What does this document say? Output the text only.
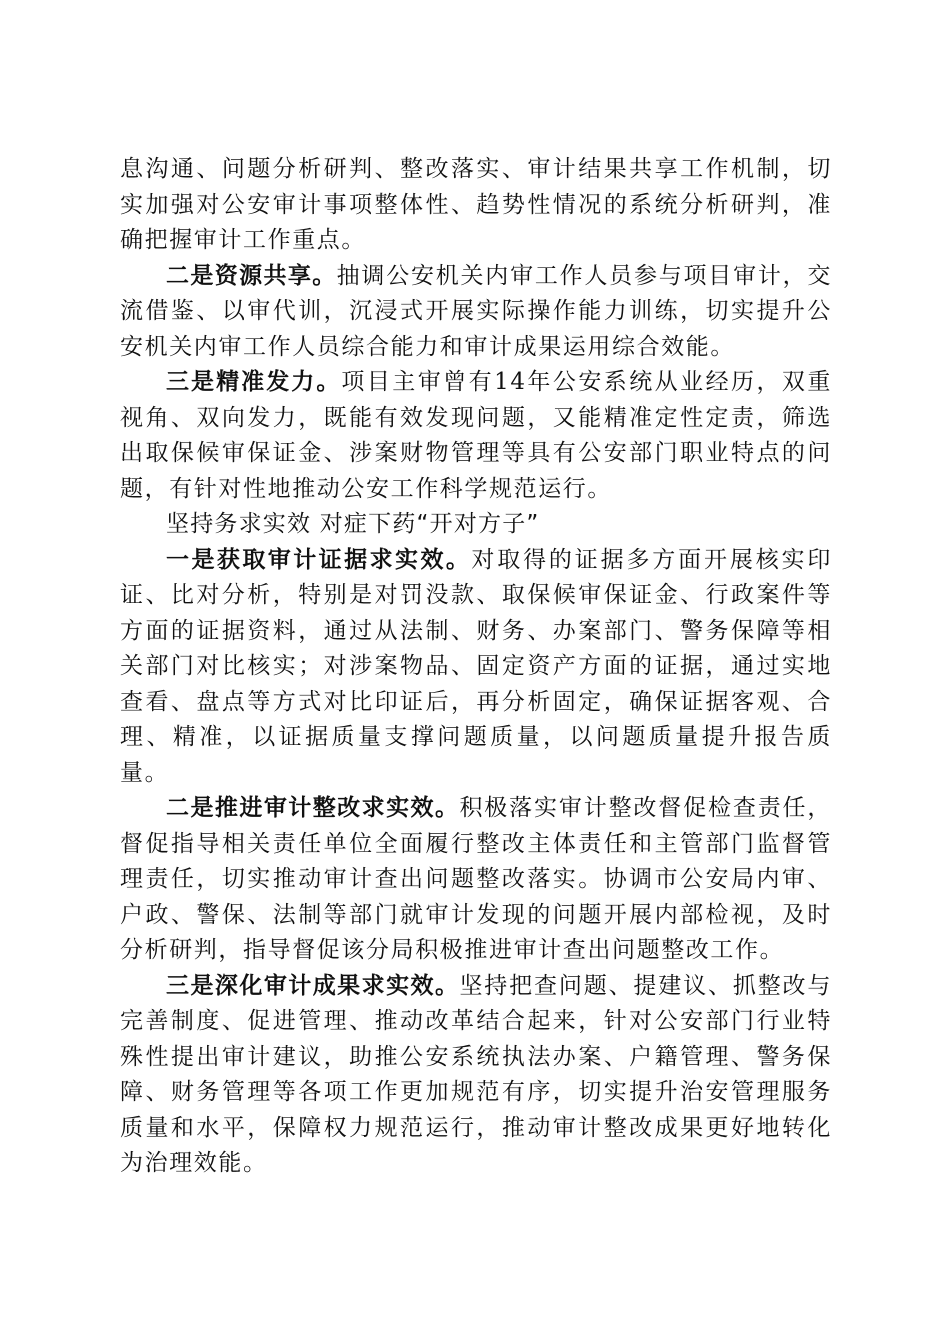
息沟通、问题分析研判、整改落实、审计结果共享工作机制，切实加强对公安审计事项整体性、趋势性情况的系统分析研判，准确把握审计工作重点。

二是资源共享。抽调公安机关内审工作人员参与项目审计，交流借鉴、以审代训，沉浸式开展实际操作能力训练，切实提升公安机关内审工作人员综合能力和审计成果运用综合效能。

三是精准发力。项目主审曾有14年公安系统从业经历，双重视角、双向发力，既能有效发现问题，又能精准定性定责，筛选出取保候审保证金、涉案财物管理等具有公安部门职业特点的问题，有针对性地推动公安工作科学规范运行。

坚持务求实效 对症下药“开对方子”

一是获取审计证据求实效。对取得的证据多方面开展核实印证、比对分析，特别是对罚没款、取保候审保证金、行政案件等方面的证据资料，通过从法制、财务、办案部门、警务保障等相关部门对比核实；对涉案物品、固定资产方面的证据，通过实地查看、盘点等方式对比印证后，再分析固定，确保证据客观、合理、精准，以证据质量支撑问题质量，以问题质量提升报告质量。

二是推进审计整改求实效。积极落实审计整改督促检查责任，督促指导相关责任单位全面履行整改主体责任和主管部门监督管理责任，切实推动审计查出问题整改落实。协调市公安局内审、户政、警保、法制等部门就审计发现的问题开展内部检视，及时分析研判，指导督促该分局积极推进审计查出问题整改工作。

三是深化审计成果求实效。坚持把查问题、提建议、抓整改与完善制度、促进管理、推动改革结合起来，针对公安部门行业特殊性提出审计建议，助推公安系统执法办案、户籍管理、警务保障、财务管理等各项工作更加规范有序，切实提升治安管理服务质量和水平，保障权力规范运行，推动审计整改成果更好地转化为治理效能。
